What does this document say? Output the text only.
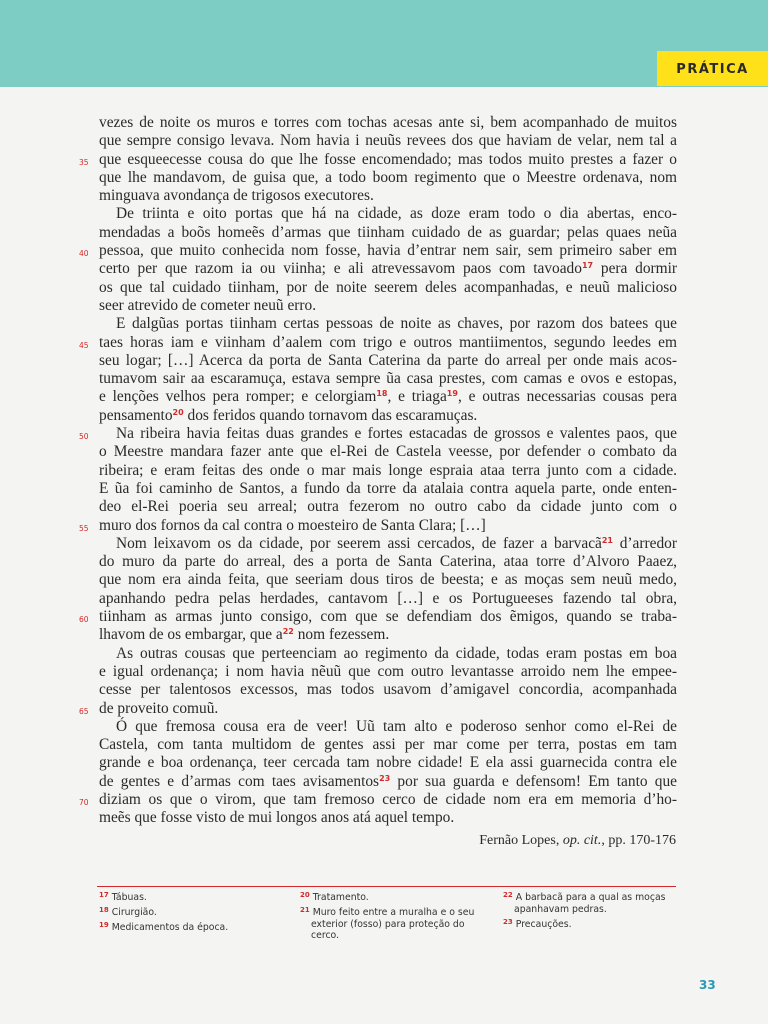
PRÁTICA
vezes de noite os muros e torres com tochas acesas ante si, bem acompanhado de muitos
que sempre consigo levava. Nom havia i neuũs revees dos que haviam de velar, nem tal a
que esqueecesse cousa do que lhe fosse encomendado; mas todos muito prestes a fazer o
que lhe mandavom, de guisa que, a todo boom regimento que o Meestre ordenava, nom
minguava avondança de trigosos executores.
De triinta e oito portas que há na cidade, as doze eram todo o dia abertas, enco-
mendadas a boõs homeẽs d’armas que tiinham cuidado de as guardar; pelas quaes neũa
pessoa, que muito conhecida nom fosse, havia d’entrar nem sair, sem primeiro saber em
certo per que razom ia ou viinha; e ali atrevessavom paos com tavoado$^{17}$ pera dormir
os que tal cuidado tiinham, por de noite seerem deles acompanhadas, e neuũ malicioso
seer atrevido de cometer neuũ erro.
E dalgũas portas tiinham certas pessoas de noite as chaves, por razom dos batees que
taes horas iam e viinham d’aalem com trigo e outros mantiimentos, segundo leedes em
seu logar; […] Acerca da porta de Santa Caterina da parte do arreal per onde mais acos-
tumavom sair aa escaramuça, estava sempre ũa casa prestes, com camas e ovos e estopas,
e lenções velhos pera romper; e celorgiam$^{18}$, e triaga$^{19}$, e outras necessarias cousas pera
pensamento$^{20}$ dos feridos quando tornavom das escaramuças.
Na ribeira havia feitas duas grandes e fortes estacadas de grossos e valentes paos, que
o Meestre mandara fazer ante que el-Rei de Castela veesse, por defender o combato da
ribeira; e eram feitas des onde o mar mais longe espraia ataa terra junto com a cidade.
E ũa foi caminho de Santos, a fundo da torre da atalaia contra aquela parte, onde enten-
deo el-Rei poeria seu arreal; outra fezerom no outro cabo da cidade junto com o
muro dos fornos da cal contra o moesteiro de Santa Clara; […]
Nom leixavom os da cidade, por seerem assi cercados, de fazer a barvacã$^{21}$ d’arredor
do muro da parte do arreal, des a porta de Santa Caterina, ataa torre d’Alvoro Paaez,
que nom era ainda feita, que seeriam dous tiros de beesta; e as moças sem neuũ medo,
apanhando pedra pelas herdades, cantavom […] e os Portugueeses fazendo tal obra,
tiinham as armas junto consigo, com que se defendiam dos ẽmigos, quando se traba-
lhavom de os embargar, que a$^{22}$ nom fezessem.
As outras cousas que perteenciam ao regimento da cidade, todas eram postas em boa
e igual ordenança; i nom havia nẽuũ que com outro levantasse arroido nem lhe empee-
cesse per talentosos excessos, mas todos usavom d’amigavel concordia, acompanhada
de proveito comuũ.
Ó que fremosa cousa era de veer! Uũ tam alto e poderoso senhor como el-Rei de
Castela, com tanta multidom de gentes assi per mar come per terra, postas em tam
grande e boa ordenança, teer cercada tam nobre cidade! E ela assi guarnecida contra ele
de gentes e d’armas com taes avisamentos$^{23}$ por sua guarda e defensom! Em tanto que
diziam os que o virom, que tam fremoso cerco de cidade nom era em memoria d’ho-
meẽs que fosse visto de mui longos anos atá aquel tempo.
35
40
45
50
55
60
65
70
Fernão Lopes, op. cit., pp. 170-176
$^{17}$ Tábuas.
$^{18}$ Cirurgião.
$^{19}$ Medicamentos da época.
$^{20}$ Tratamento.
$^{21}$ Muro feito entre a muralha e o seu
exterior (fosso) para proteção do
cerco.
$^{22}$ A barbacã para a qual as moças
apanhavam pedras.
$^{23}$ Precauções.
33
